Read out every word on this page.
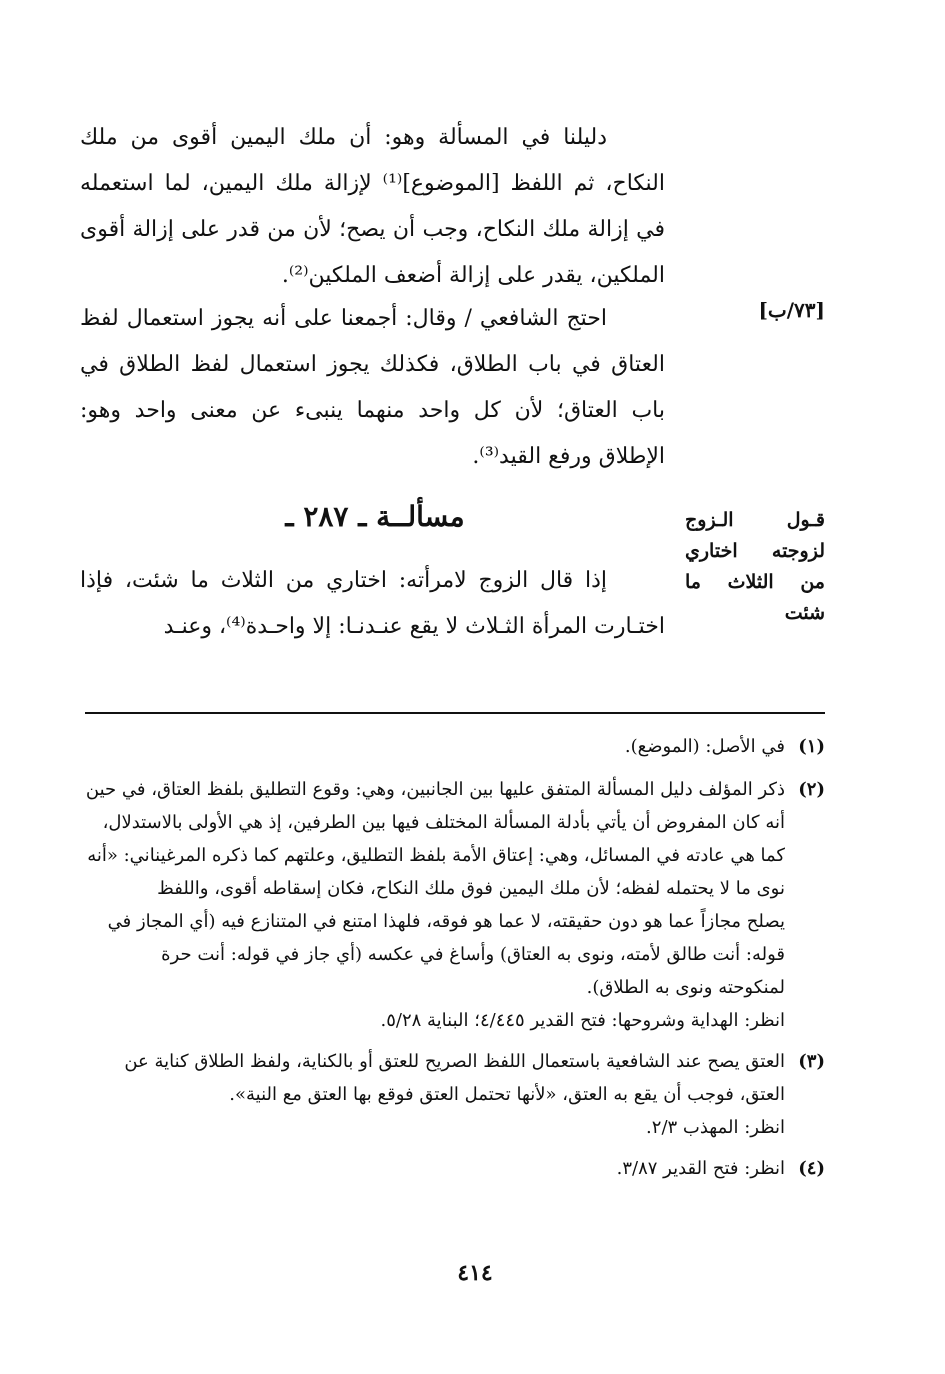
دليلنا في المسألة وهو: أن ملك اليمين أقوى من ملك النكاح، ثم اللفظ [الموضوع]⁽¹⁾ لإزالة ملك اليمين، لما استعمله في إزالة ملك النكاح، وجب أن يصح؛ لأن من قدر على إزالة أقوى الملكين، يقدر على إزالة أضعف الملكين⁽²⁾.

[٧٣/ب]

احتج الشافعي / وقال: أجمعنا على أنه يجوز استعمال لفظ العتاق في باب الطلاق، فكذلك يجوز استعمال لفظ الطلاق في باب العتاق؛ لأن كل واحد منهما ينبىء عن معنى واحد وهو: الإطلاق ورفع القيد⁽³⁾.

مسألــة ـ ٢٨٧ ـ	قـول الـزوج
لزوجته اختاري
من الثلاث ما شئت

إذا قال الزوج لامرأته: اختاري من الثلاث ما شئت، فإذا اختـارت المرأة الثـلاث لا يقع عنـدنـا: إلا واحـدة⁽⁴⁾، وعنـد

(١)
في الأصل: (الموضع).
(٢)
ذكر المؤلف دليل المسألة المتفق عليها بين الجانبين، وهي: وقوع التطليق بلفظ العتاق، في حين
أنه كان المفروض أن يأتي بأدلة المسألة المختلف فيها بين الطرفين، إذ هي الأولى بالاستدلال،
كما هي عادته في المسائل، وهي: إعتاق الأمة بلفظ التطليق، وعلتهم كما ذكره المرغيناني: «أنه
نوى ما لا يحتمله لفظه؛ لأن ملك اليمين فوق ملك النكاح، فكان إسقاطه أقوى، واللفظ
يصلح مجازاً عما هو دون حقيقته، لا عما هو فوقه، فلهذا امتنع في المتنازع فيه (أي المجاز في
قوله: أنت طالق لأمته، ونوى به العتاق) وأساغ في عكسه (أي جاز في قوله: أنت حرة
لمنكوحته ونوى به الطلاق).
انظر: الهداية وشروحها: فتح القدير ٤/٤٤٥؛ البناية ٥/٢٨.
(٣)
العتق يصح عند الشافعية باستعمال اللفظ الصريح للعتق أو بالكناية، ولفظ الطلاق كناية عن
العتق، فوجب أن يقع به العتق، «لأنها تحتمل العتق فوقع بها العتق مع النية».
انظر: المهذب ٢/٣.
(٤)
انظر: فتح القدير ٣/٨٧.
٤١٤
